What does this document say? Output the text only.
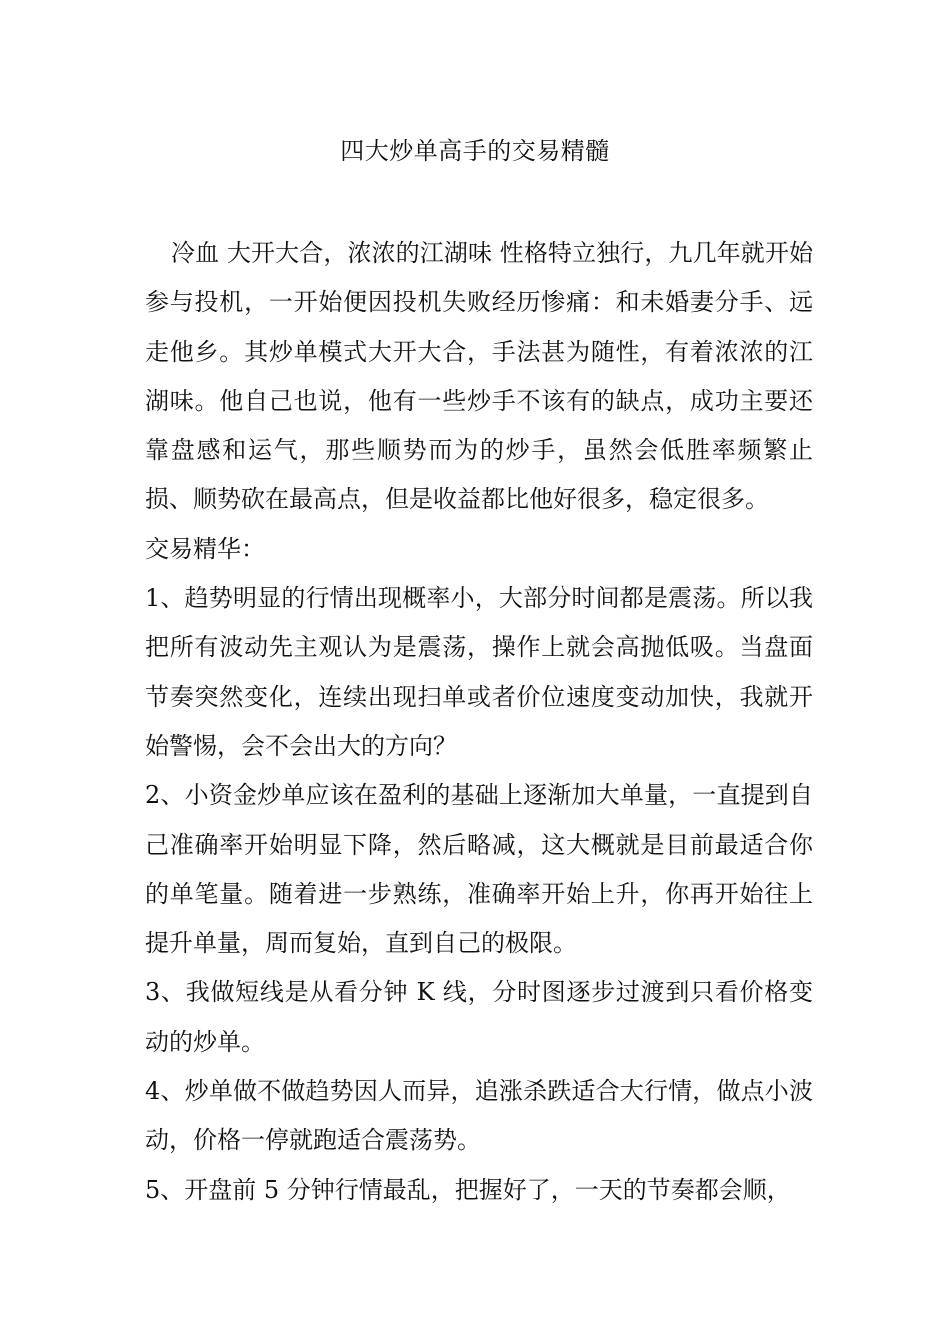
四大炒单高手的交易精髓

冷血 大开大合，浓浓的江湖味 性格特立独行，九几年就开始参与投机，一开始便因投机失败经历惨痛：和未婚妻分手、远走他乡。其炒单模式大开大合，手法甚为随性，有着浓浓的江湖味。他自己也说，他有一些炒手不该有的缺点，成功主要还靠盘感和运气，那些顺势而为的炒手，虽然会低胜率频繁止损、顺势砍在最高点，但是收益都比他好很多，稳定很多。

交易精华：

1、趋势明显的行情出现概率小，大部分时间都是震荡。所以我把所有波动先主观认为是震荡，操作上就会高抛低吸。当盘面节奏突然变化，连续出现扫单或者价位速度变动加快，我就开始警惕，会不会出大的方向？

2、小资金炒单应该在盈利的基础上逐渐加大单量，一直提到自己准确率开始明显下降，然后略减，这大概就是目前最适合你的单笔量。随着进一步熟练，准确率开始上升，你再开始往上提升单量，周而复始，直到自己的极限。

3、我做短线是从看分钟 K 线，分时图逐步过渡到只看价格变动的炒单。

4、炒单做不做趋势因人而异，追涨杀跌适合大行情，做点小波动，价格一停就跑适合震荡势。

5、开盘前 5 分钟行情最乱，把握好了，一天的节奏都会顺，
